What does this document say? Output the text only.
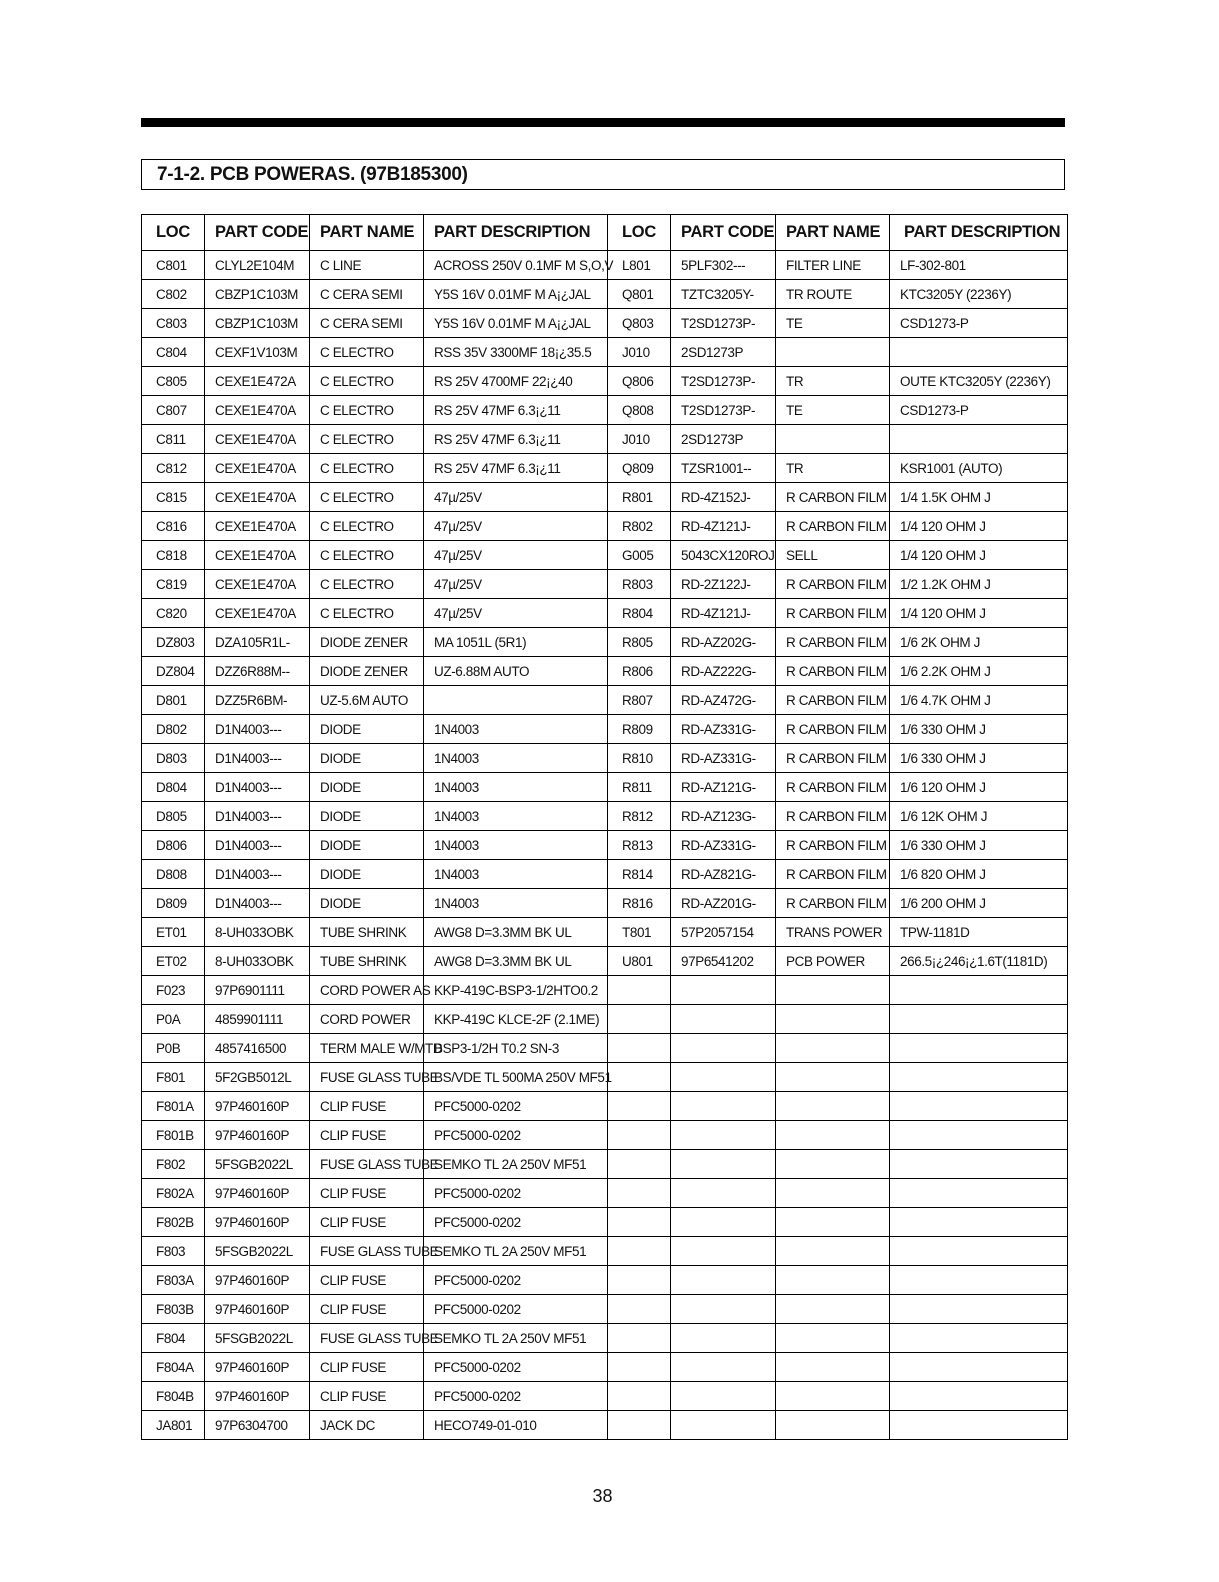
7-1-2. PCB POWERAS. (97B185300)
LOC	PART CODE	PART NAME	PART DESCRIPTION	LOC	PART CODE	PART NAME	PART DESCRIPTION
C801	CLYL2E104M	C LINE	ACROSS 250V 0.1MF M S,O,V	L801	5PLF302---	FILTER LINE	LF-302-801
C802	CBZP1C103M	C CERA SEMI	Y5S 16V 0.01MF M A¡¿JAL	Q801	TZTC3205Y-	TR ROUTE	KTC3205Y (2236Y)
C803	CBZP1C103M	C CERA SEMI	Y5S 16V 0.01MF M A¡¿JAL	Q803	T2SD1273P-	TE	CSD1273-P
C804	CEXF1V103M	C ELECTRO	RSS 35V 3300MF 18¡¿35.5	J010	2SD1273P		
C805	CEXE1E472A	C ELECTRO	RS 25V 4700MF 22¡¿40	Q806	T2SD1273P-	TR	OUTE KTC3205Y (2236Y)
C807	CEXE1E470A	C ELECTRO	RS 25V 47MF 6.3¡¿11	Q808	T2SD1273P-	TE	CSD1273-P
C811	CEXE1E470A	C ELECTRO	RS 25V 47MF 6.3¡¿11	J010	2SD1273P		
C812	CEXE1E470A	C ELECTRO	RS 25V 47MF 6.3¡¿11	Q809	TZSR1001--	TR	KSR1001 (AUTO)
C815	CEXE1E470A	C ELECTRO	47µ/25V	R801	RD-4Z152J-	R CARBON FILM	1/4 1.5K OHM J
C816	CEXE1E470A	C ELECTRO	47µ/25V	R802	RD-4Z121J-	R CARBON FILM	1/4 120 OHM J
C818	CEXE1E470A	C ELECTRO	47µ/25V	G005	5043CX120ROJ	SELL	1/4 120 OHM J
C819	CEXE1E470A	C ELECTRO	47µ/25V	R803	RD-2Z122J-	R CARBON FILM	1/2 1.2K OHM J
C820	CEXE1E470A	C ELECTRO	47µ/25V	R804	RD-4Z121J-	R CARBON FILM	1/4 120 OHM J
DZ803	DZA105R1L-	DIODE ZENER	MA 1051L (5R1)	R805	RD-AZ202G-	R CARBON FILM	1/6 2K OHM J
DZ804	DZZ6R88M--	DIODE ZENER	UZ-6.88M AUTO	R806	RD-AZ222G-	R CARBON FILM	1/6 2.2K OHM J
D801	DZZ5R6BM-	UZ-5.6M AUTO		R807	RD-AZ472G-	R CARBON FILM	1/6 4.7K OHM J
D802	D1N4003---	DIODE	1N4003	R809	RD-AZ331G-	R CARBON FILM	1/6 330 OHM J
D803	D1N4003---	DIODE	1N4003	R810	RD-AZ331G-	R CARBON FILM	1/6 330 OHM J
D804	D1N4003---	DIODE	1N4003	R811	RD-AZ121G-	R CARBON FILM	1/6 120 OHM J
D805	D1N4003---	DIODE	1N4003	R812	RD-AZ123G-	R CARBON FILM	1/6 12K OHM J
D806	D1N4003---	DIODE	1N4003	R813	RD-AZ331G-	R CARBON FILM	1/6 330 OHM J
D808	D1N4003---	DIODE	1N4003	R814	RD-AZ821G-	R CARBON FILM	1/6 820 OHM J
D809	D1N4003---	DIODE	1N4003	R816	RD-AZ201G-	R CARBON FILM	1/6 200 OHM J
ET01	8-UH033OBK	TUBE SHRINK	AWG8 D=3.3MM BK UL	T801	57P2057154	TRANS POWER	TPW-1181D
ET02	8-UH033OBK	TUBE SHRINK	AWG8 D=3.3MM BK UL	U801	97P6541202	PCB POWER	266.5¡¿246¡¿1.6T(1181D)
F023	97P6901111	CORD POWER AS	KKP-419C-BSP3-1/2HTO0.2				
P0A	4859901111	CORD POWER	KKP-419C KLCE-2F (2.1ME)				
P0B	4857416500	TERM MALE W/MTD	BSP3-1/2H T0.2 SN-3				
F801	5F2GB5012L	FUSE GLASS TUBE	BS/VDE TL 500MA 250V MF51				
F801A	97P460160P	CLIP FUSE	PFC5000-0202				
F801B	97P460160P	CLIP FUSE	PFC5000-0202				
F802	5FSGB2022L	FUSE GLASS TUBE	SEMKO TL 2A 250V MF51				
F802A	97P460160P	CLIP FUSE	PFC5000-0202				
F802B	97P460160P	CLIP FUSE	PFC5000-0202				
F803	5FSGB2022L	FUSE GLASS TUBE	SEMKO TL 2A 250V MF51				
F803A	97P460160P	CLIP FUSE	PFC5000-0202				
F803B	97P460160P	CLIP FUSE	PFC5000-0202				
F804	5FSGB2022L	FUSE GLASS TUBE	SEMKO TL 2A 250V MF51				
F804A	97P460160P	CLIP FUSE	PFC5000-0202				
F804B	97P460160P	CLIP FUSE	PFC5000-0202				
JA801	97P6304700	JACK DC	HECO749-01-010				
38
